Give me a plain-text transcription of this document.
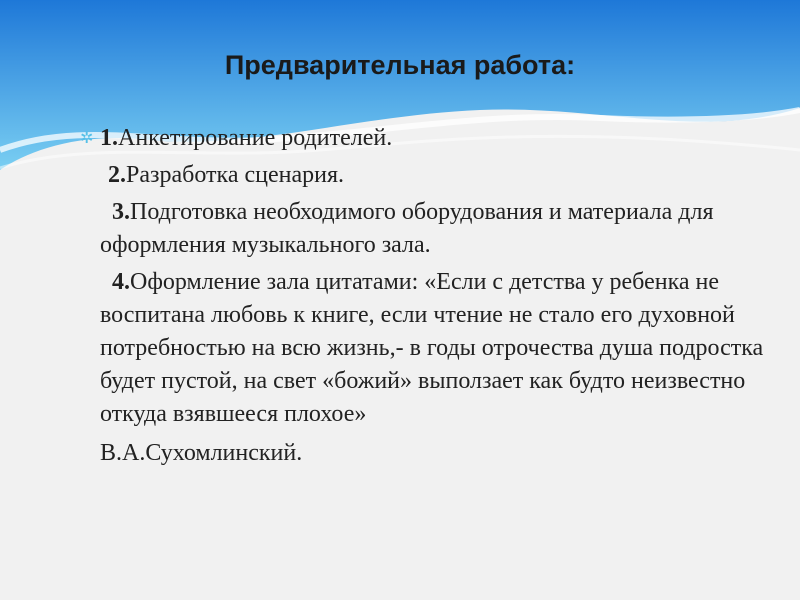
Предварительная работа:

✲ 1.Анкетирование родителей.

2.Разработка сценария.

3.Подготовка необходимого оборудования и материала для оформления музыкального зала.

4.Оформление зала цитатами: «Если с детства у ребенка не воспитана любовь к книге, если чтение не стало его духовной потребностью на всю жизнь,- в годы отрочества душа подростка будет пустой, на свет «божий» выползает как будто неизвестно откуда взявшееся плохое»

В.А.Сухомлинский.
